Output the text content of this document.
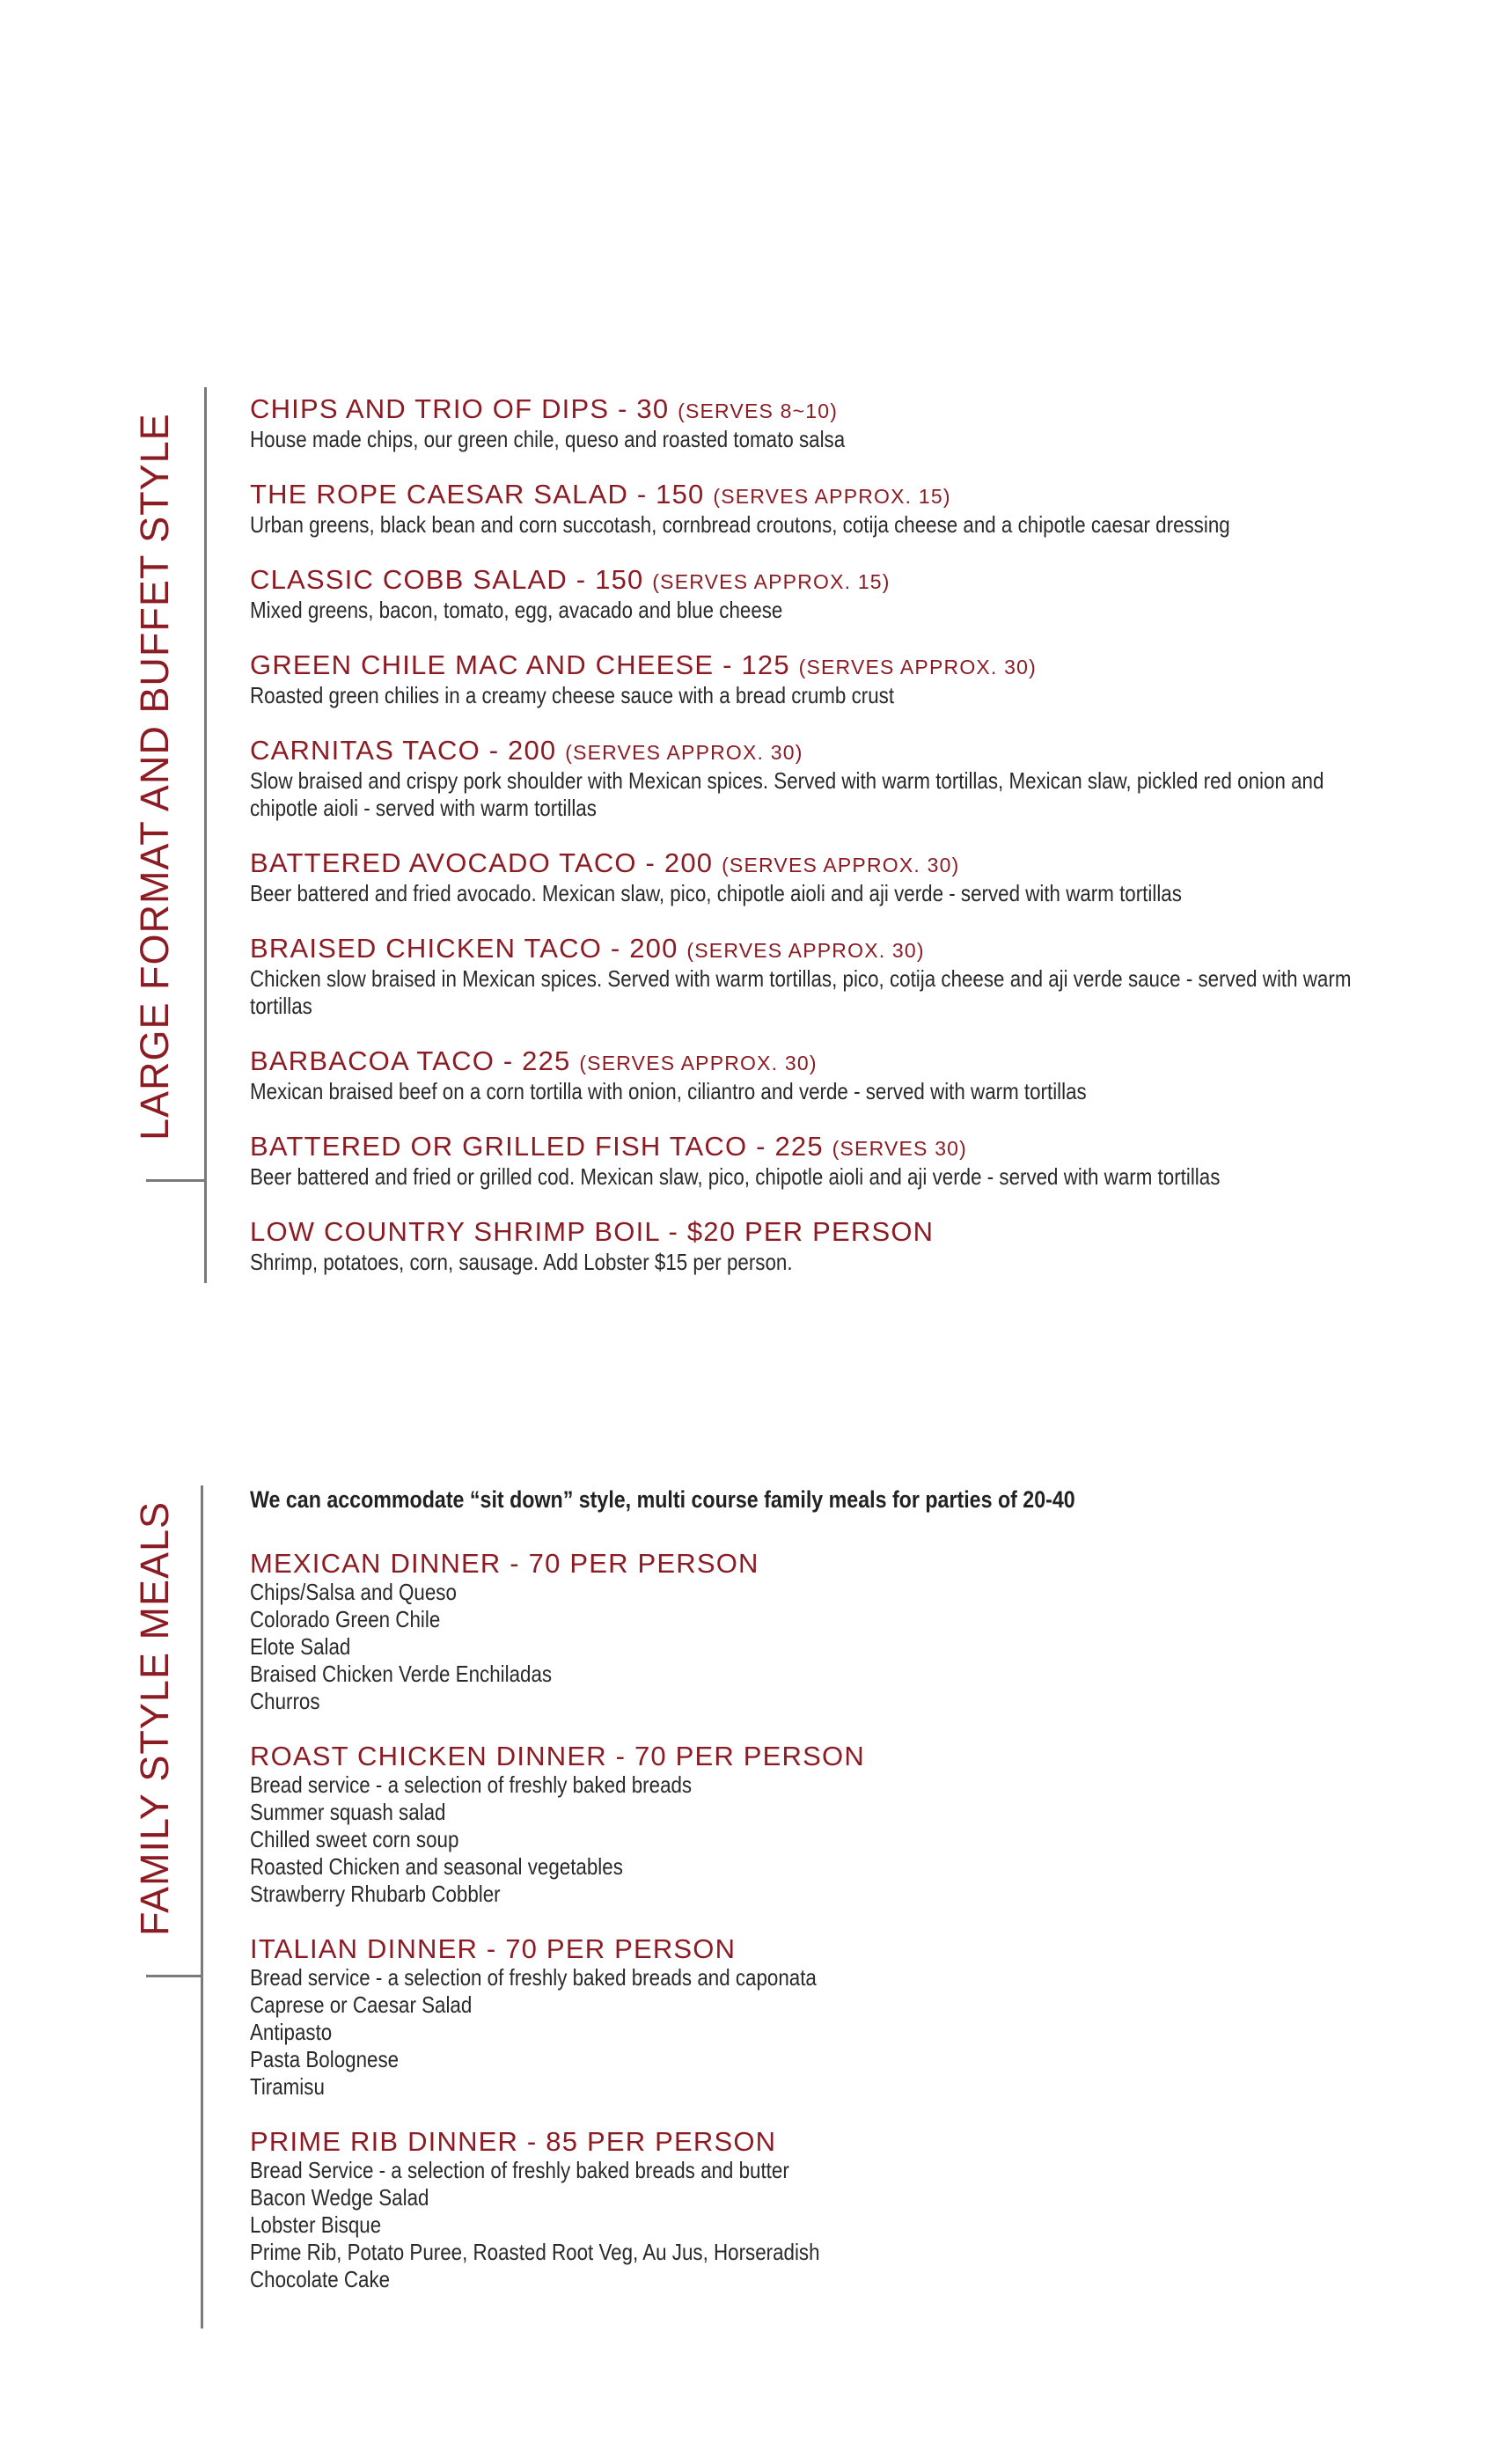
LARGE FORMAT AND BUFFET STYLE
CHIPS AND TRIO OF DIPS - 30 (SERVES 8~10)
House made chips, our green chile, queso and roasted tomato salsa
THE ROPE CAESAR SALAD - 150 (SERVES APPROX. 15)
Urban greens, black bean and corn succotash, cornbread croutons, cotija cheese and a chipotle caesar dressing
CLASSIC COBB SALAD - 150 (SERVES APPROX. 15)
Mixed greens, bacon, tomato, egg, avacado and blue cheese
GREEN CHILE MAC AND CHEESE - 125 (SERVES APPROX. 30)
Roasted green chilies in a creamy cheese sauce with a bread crumb crust
CARNITAS TACO - 200 (SERVES APPROX. 30)
Slow braised and crispy pork shoulder with Mexican spices. Served with warm tortillas, Mexican slaw, pickled red onion and chipotle aioli - served with warm tortillas
BATTERED AVOCADO TACO - 200 (SERVES APPROX. 30)
Beer battered and fried avocado. Mexican slaw, pico, chipotle aioli and aji verde - served with warm tortillas
BRAISED CHICKEN TACO - 200 (SERVES APPROX. 30)
Chicken slow braised in Mexican spices. Served with warm tortillas, pico, cotija cheese and aji verde sauce - served with warm tortillas
BARBACOA TACO - 225 (SERVES APPROX. 30)
Mexican braised beef on a corn tortilla with onion, ciliantro and verde - served with warm tortillas
BATTERED OR GRILLED FISH TACO - 225 (SERVES 30)
Beer battered and fried or grilled cod. Mexican slaw, pico, chipotle aioli and aji verde - served with warm tortillas
LOW COUNTRY SHRIMP BOIL - $20 PER PERSON
Shrimp, potatoes, corn, sausage. Add Lobster $15 per person.
FAMILY STYLE MEALS
We can accommodate “sit down” style, multi course family meals for parties of 20-40
MEXICAN DINNER - 70 PER PERSON
Chips/Salsa and Queso
Colorado Green Chile
Elote Salad
Braised Chicken Verde Enchiladas
Churros
ROAST CHICKEN DINNER - 70 PER PERSON
Bread service - a selection of freshly baked breads
Summer squash salad
Chilled sweet corn soup
Roasted Chicken and seasonal vegetables
Strawberry Rhubarb Cobbler
ITALIAN DINNER - 70 PER PERSON
Bread service - a selection of freshly baked breads and caponata
Caprese or Caesar Salad
Antipasto
Pasta Bolognese
Tiramisu
PRIME RIB DINNER - 85 PER PERSON
Bread Service - a selection of freshly baked breads and butter
Bacon Wedge Salad
Lobster Bisque
Prime Rib, Potato Puree, Roasted Root Veg, Au Jus, Horseradish
Chocolate Cake
